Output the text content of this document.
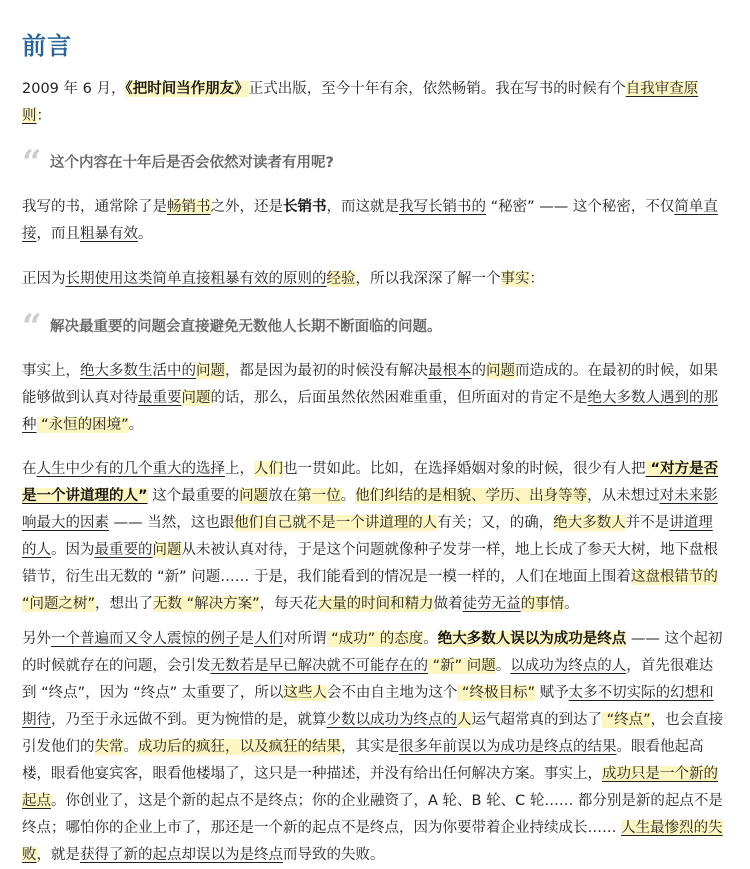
前言

2009 年 6 月，《把时间当作朋友》正式出版，至今十年有余，依然畅销。我在写书的时候有个自我审查原则：

“ 这个内容在十年后是否会依然对读者有用呢?

我写的书，通常除了是畅销书之外，还是长销书，而这就是我写长销书的 “秘密” —— 这个秘密，不仅简单直接，而且粗暴有效。

正因为长期使用这类简单直接粗暴有效的原则的经验，所以我深深了解一个事实：

“ 解决最重要的问题会直接避免无数他人长期不断面临的问题。

事实上，绝大多数生活中的问题，都是因为最初的时候没有解决最根本的问题而造成的。在最初的时候，如果能够做到认真对待最重要问题的话，那么，后面虽然依然困难重重，但所面对的肯定不是绝大多数人遇到的那种 “永恒的困境”。

在人生中少有的几个重大的选择上，人们也一贯如此。比如，在选择婚姻对象的时候，很少有人把 “对方是否是一个讲道理的人” 这个最重要的问题放在第一位。他们纠结的是相貌、学历、出身等等，从未想过对未来影响最大的因素 —— 当然，这也跟他们自己就不是一个讲道理的人有关；又，的确，绝大多数人并不是讲道理的人。因为最重要的问题从未被认真对待，于是这个问题就像种子发芽一样，地上长成了参天大树，地下盘根错节，衍生出无数的 “新” 问题…… 于是，我们能看到的情况是一模一样的，人们在地面上围着这盘根错节的 “问题之树”，想出了无数 “解决方案”，每天花大量的时间和精力做着徒劳无益的事情。

另外一个普遍而又令人震惊的例子是人们对所谓 “成功” 的态度。绝大多数人误以为成功是终点 —— 这个起初的时候就存在的问题，会引发无数若是早已解决就不可能存在的 “新” 问题。以成功为终点的人，首先很难达到 “终点”，因为 “终点” 太重要了，所以这些人会不由自主地为这个 “终极目标” 赋予太多不切实际的幻想和期待，乃至于永远做不到。更为惋惜的是，就算少数以成功为终点的人运气超常真的到达了 “终点”，也会直接引发他们的失常。成功后的疯狂，以及疯狂的结果，其实是很多年前误以为成功是终点的结果。眼看他起高楼，眼看他宴宾客，眼看他楼塌了，这只是一种描述，并没有给出任何解决方案。事实上，成功只是一个新的起点。你创业了，这是个新的起点不是终点；你的企业融资了，A 轮、B 轮、C 轮…… 都分别是新的起点不是终点；哪怕你的企业上市了，那还是一个新的起点不是终点，因为你要带着企业持续成长…… 人生最惨烈的失败，就是获得了新的起点却误以为是终点而导致的失败。
